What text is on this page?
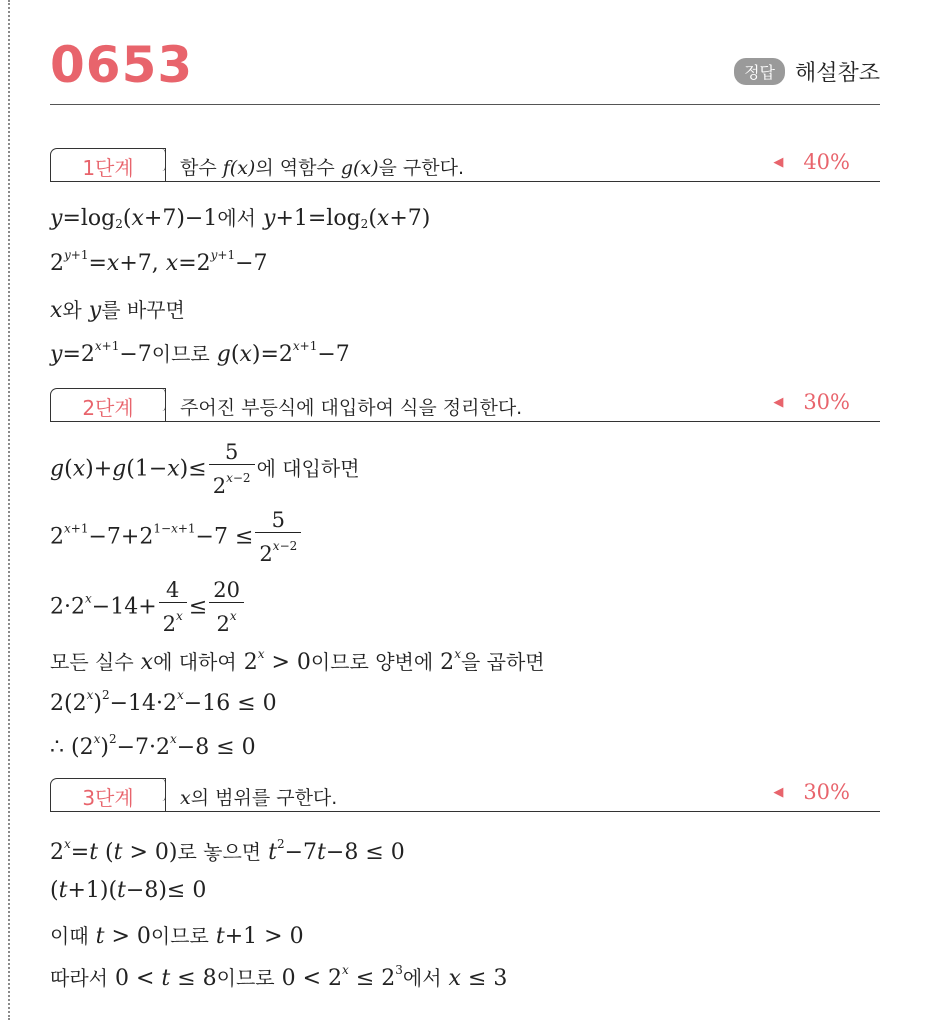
0653	정답 해설참조
1단계	함수 f(x)의 역함수 g(x)을 구한다.	◀ 40%
$y=\log_2(x+7)-1$에서 $y+1=\log_2(x+7)$
$2^{y+1}=x+7$, $x=2^{y+1}-7$
x와 y를 바꾸면
$y=2^{x+1}-7$이므로 $g(x)=2^{x+1}-7$
2단계	주어진 부등식에 대입하여 식을 정리한다.	◀ 30%
$g(x)+g(1-x)\le \frac{5}{2^{x-2}}$ 에 대입하면
$2^{x+1}-7+2^{1-x+1}-7 \le \frac{5}{2^{x-2}}$
$2\cdot 2^x-14+ \frac{4}{2^x} \le \frac{20}{2^x}$
모든 실수 x에 대하여 $2^x > 0$이므로 양변에 2$^x$을 곱하면
$2(2^x)^2-14\cdot 2^x-16 \le 0$
∴ $(2^x)^2-7\cdot 2^x-8 \le 0$
3단계	x의 범위를 구한다.	◀ 30%
$2^x=t$ (t > 0)로 놓으면 $t^2-7t-8 \le 0$
(t+1)(t−8)≤ 0
이때 t > 0이므로 t+1 > 0
따라서 0 < t ≤ 8이므로 $0 < 2^x \le 2^3$에서 x ≤ 3
